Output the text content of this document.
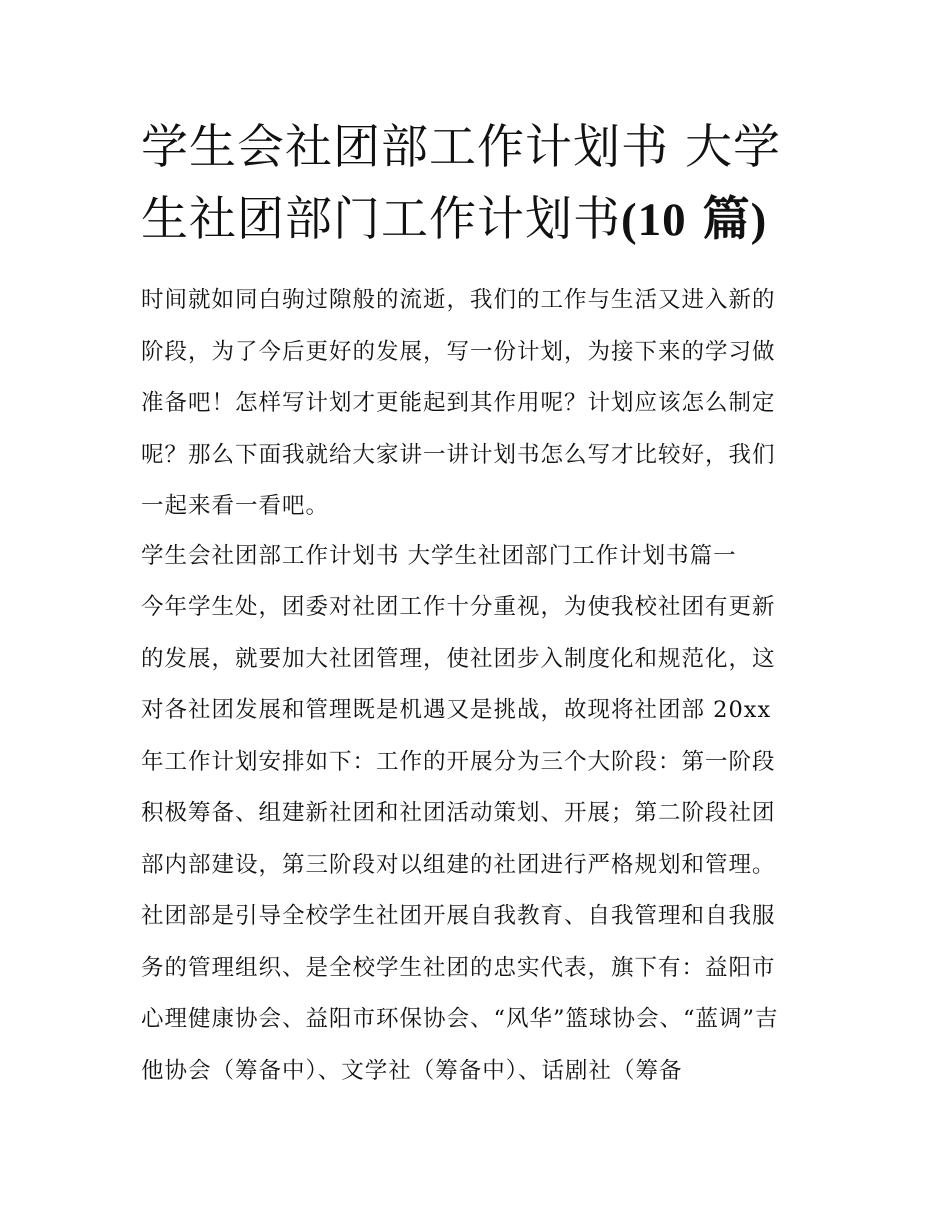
学生会社团部工作计划书 大学
生社团部门工作计划书(10 篇)
时间就如同白驹过隙般的流逝，我们的工作与生活又进入新的
阶段，为了今后更好的发展，写一份计划，为接下来的学习做
准备吧！怎样写计划才更能起到其作用呢？计划应该怎么制定
呢？那么下面我就给大家讲一讲计划书怎么写才比较好，我们
一起来看一看吧。
学生会社团部工作计划书 大学生社团部门工作计划书篇一
今年学生处，团委对社团工作十分重视，为使我校社团有更新
的发展，就要加大社团管理，使社团步入制度化和规范化，这
对各社团发展和管理既是机遇又是挑战，故现将社团部 20xx
年工作计划安排如下：工作的开展分为三个大阶段：第一阶段
积极筹备、组建新社团和社团活动策划、开展；第二阶段社团
部内部建设，第三阶段对以组建的社团进行严格规划和管理。
社团部是引导全校学生社团开展自我教育、自我管理和自我服
务的管理组织、是全校学生社团的忠实代表，旗下有：益阳市
心理健康协会、益阳市环保协会、“风华”篮球协会、“蓝调”吉
他协会（筹备中）、文学社（筹备中）、话剧社（筹备
